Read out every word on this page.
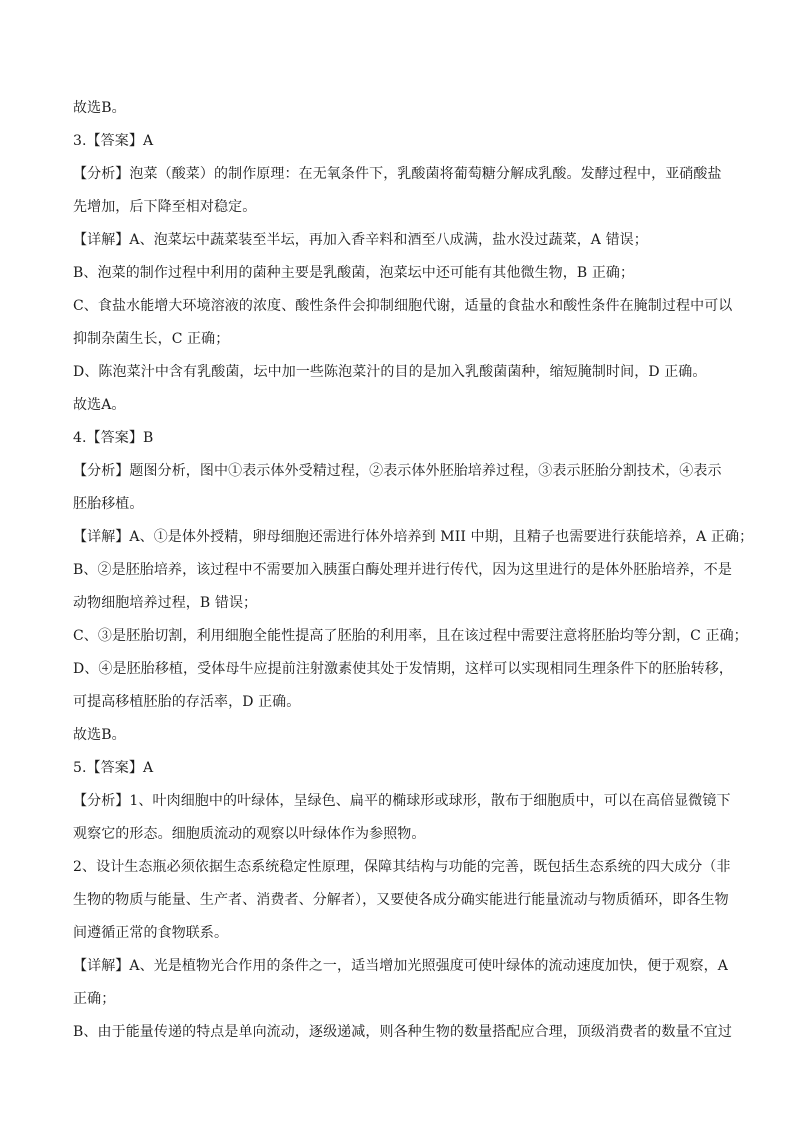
故选B。
3.【答案】A
【分析】泡菜（酸菜）的制作原理：在无氧条件下，乳酸菌将葡萄糖分解成乳酸。发酵过程中，亚硝酸盐
先增加，后下降至相对稳定。
【详解】A、泡菜坛中蔬菜装至半坛，再加入香辛料和酒至八成满，盐水没过蔬菜，A 错误；
B、泡菜的制作过程中利用的菌种主要是乳酸菌，泡菜坛中还可能有其他微生物，B 正确；
C、食盐水能增大环境溶液的浓度、酸性条件会抑制细胞代谢，适量的食盐水和酸性条件在腌制过程中可以
抑制杂菌生长，C 正确；
D、陈泡菜汁中含有乳酸菌，坛中加一些陈泡菜汁的目的是加入乳酸菌菌种，缩短腌制时间，D 正确。
故选A。
4.【答案】B
【分析】题图分析，图中①表示体外受精过程，②表示体外胚胎培养过程，③表示胚胎分割技术，④表示
胚胎移植。
【详解】A、①是体外授精，卵母细胞还需进行体外培养到 MII 中期，且精子也需要进行获能培养，A 正确；
B、②是胚胎培养，该过程中不需要加入胰蛋白酶处理并进行传代，因为这里进行的是体外胚胎培养，不是
动物细胞培养过程，B 错误；
C、③是胚胎切割，利用细胞全能性提高了胚胎的利用率，且在该过程中需要注意将胚胎均等分割，C 正确；
D、④是胚胎移植，受体母牛应提前注射激素使其处于发情期，这样可以实现相同生理条件下的胚胎转移，
可提高移植胚胎的存活率，D 正确。
故选B。
5.【答案】A
【分析】1、叶肉细胞中的叶绿体，呈绿色、扁平的椭球形或球形，散布于细胞质中，可以在高倍显微镜下
观察它的形态。细胞质流动的观察以叶绿体作为参照物。
2、设计生态瓶必须依据生态系统稳定性原理，保障其结构与功能的完善，既包括生态系统的四大成分（非
生物的物质与能量、生产者、消费者、分解者），又要使各成分确实能进行能量流动与物质循环，即各生物
间遵循正常的食物联系。
【详解】A、光是植物光合作用的条件之一，适当增加光照强度可使叶绿体的流动速度加快，便于观察，A
正确；
B、由于能量传递的特点是单向流动，逐级递减，则各种生物的数量搭配应合理，顶级消费者的数量不宜过
